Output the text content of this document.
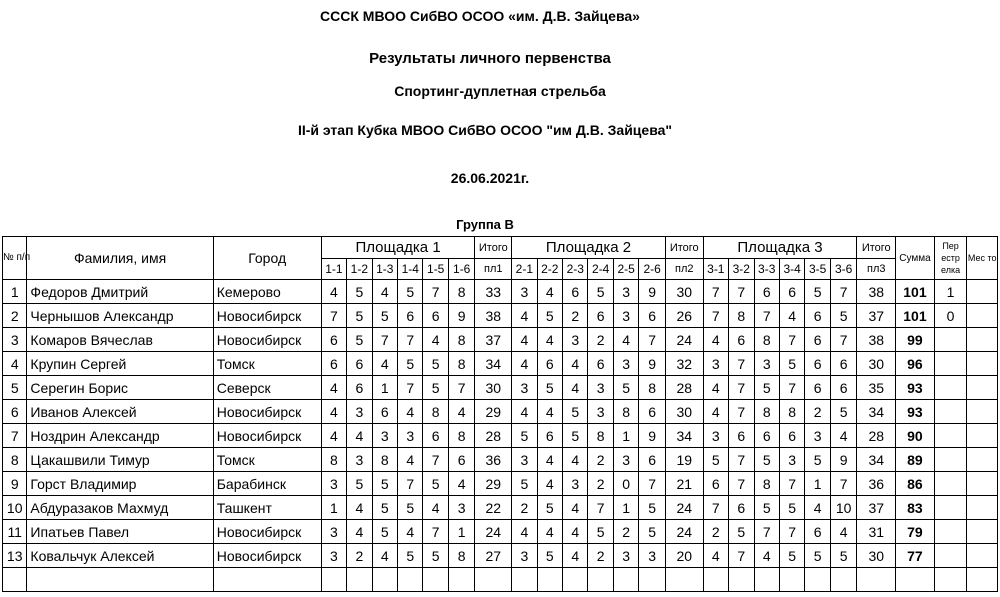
СССК МВОО СибВО ОСОО «им. Д.В. Зайцева»
Результаты личного первенства
Спортинг-дуплетная стрельба
II-й этап Кубка МВОО СибВО ОСОО "им Д.В. Зайцева"
26.06.2021г.
Группа В
№ п/п	Фамилия, имя	Город	Площадка 1						Итого	Площадка 2						Итого	Площадка 3						Итого	Сумма	Пер естр елка	Мес то
			1-1	1-2	1-3	1-4	1-5	1-6	пл1	2-1	2-2	2-3	2-4	2-5	2-6	пл2	3-1	3-2	3-3	3-4	3-5	3-6	пл3			
1	Федоров Дмитрий	Кемерово	4	5	4	5	7	8	33	3	4	6	5	3	9	30	7	7	6	6	5	7	38	101	1	
2	Чернышов Александр	Новосибирск	7	5	5	6	6	9	38	4	5	2	6	3	6	26	7	8	7	4	6	5	37	101	0	
3	Комаров Вячеслав	Новосибирск	6	5	7	7	4	8	37	4	4	3	2	4	7	24	4	6	8	7	6	7	38	99		
4	Крупин Сергей	Томск	6	6	4	5	5	8	34	4	6	4	6	3	9	32	3	7	3	5	6	6	30	96		
5	Серегин Борис	Северск	4	6	1	7	5	7	30	3	5	4	3	5	8	28	4	7	5	7	6	6	35	93		
6	Иванов Алексей	Новосибирск	4	3	6	4	8	4	29	4	4	5	3	8	6	30	4	7	8	8	2	5	34	93		
7	Ноздрин Александр	Новосибирск	4	4	3	3	6	8	28	5	6	5	8	1	9	34	3	6	6	6	3	4	28	90		
8	Цакашвили Тимур	Томск	8	3	8	4	7	6	36	3	4	4	2	3	6	19	5	7	5	3	5	9	34	89		
9	Горст Владимир	Барабинск	3	5	5	7	5	4	29	5	4	3	2	0	7	21	6	7	8	7	1	7	36	86		
10	Абдуразаков Махмуд	Ташкент	1	4	5	5	4	3	22	2	5	4	7	1	5	24	7	6	5	5	4	10	37	83		
11	Ипатьев Павел	Новосибирск	3	4	5	4	7	1	24	4	4	4	5	2	5	24	2	5	7	7	6	4	31	79		
13	Ковальчук Алексей	Новосибирск	3	2	4	5	5	8	27	3	5	4	2	3	3	20	4	7	4	5	5	5	30	77		
